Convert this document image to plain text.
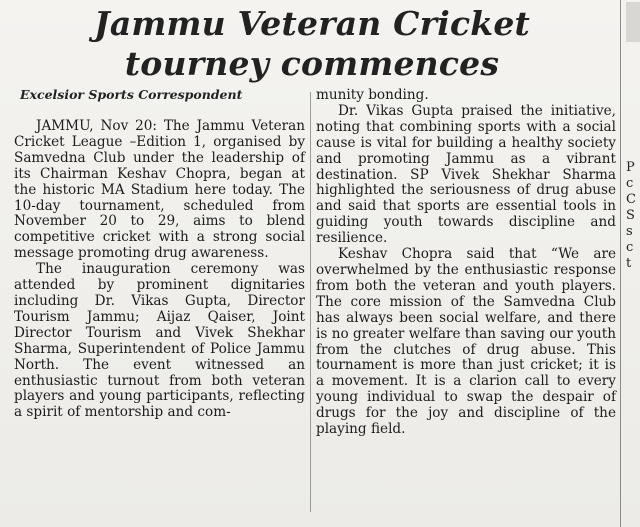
Jammu Veteran Cricket
tourney commences
Excelsior Sports Correspondent

JAMMU, Nov 20: The Jammu Veteran Cricket League –Edition 1, organised by Samvedna Club under the leadership of its Chairman Keshav Chopra, began at the historic MA Stadium here today. The 10-day tournament, scheduled from November 20 to 29, aims to blend competitive cricket with a strong social message promoting drug awareness.

The inauguration ceremony was attended by prominent dignitaries including Dr. Vikas Gupta, Director Tourism Jammu; Aijaz Qaiser, Joint Director Tourism and Vivek Shekhar Sharma, Superintendent of Police Jammu North. The event witnessed an enthusiastic turnout from both veteran players and young participants, reflecting a spirit of mentorship and com-

munity bonding.

Dr. Vikas Gupta praised the initiative, noting that combining sports with a social cause is vital for building a healthy society and promoting Jammu as a vibrant destination. SP Vivek Shekhar Sharma highlighted the seriousness of drug abuse and said that sports are essential tools in guiding youth towards discipline and resilience.

Keshav Chopra said that “We are overwhelmed by the enthusiastic response from both the veteran and youth players. The core mission of the Samvedna Club has always been social welfare, and there is no greater welfare than saving our youth from the clutches of drug abuse. This tournament is more than just cricket; it is a movement. It is a clarion call to every young individual to swap the despair of drugs for the joy and discipline of the playing field.

P
c
C
S
s
c
t
